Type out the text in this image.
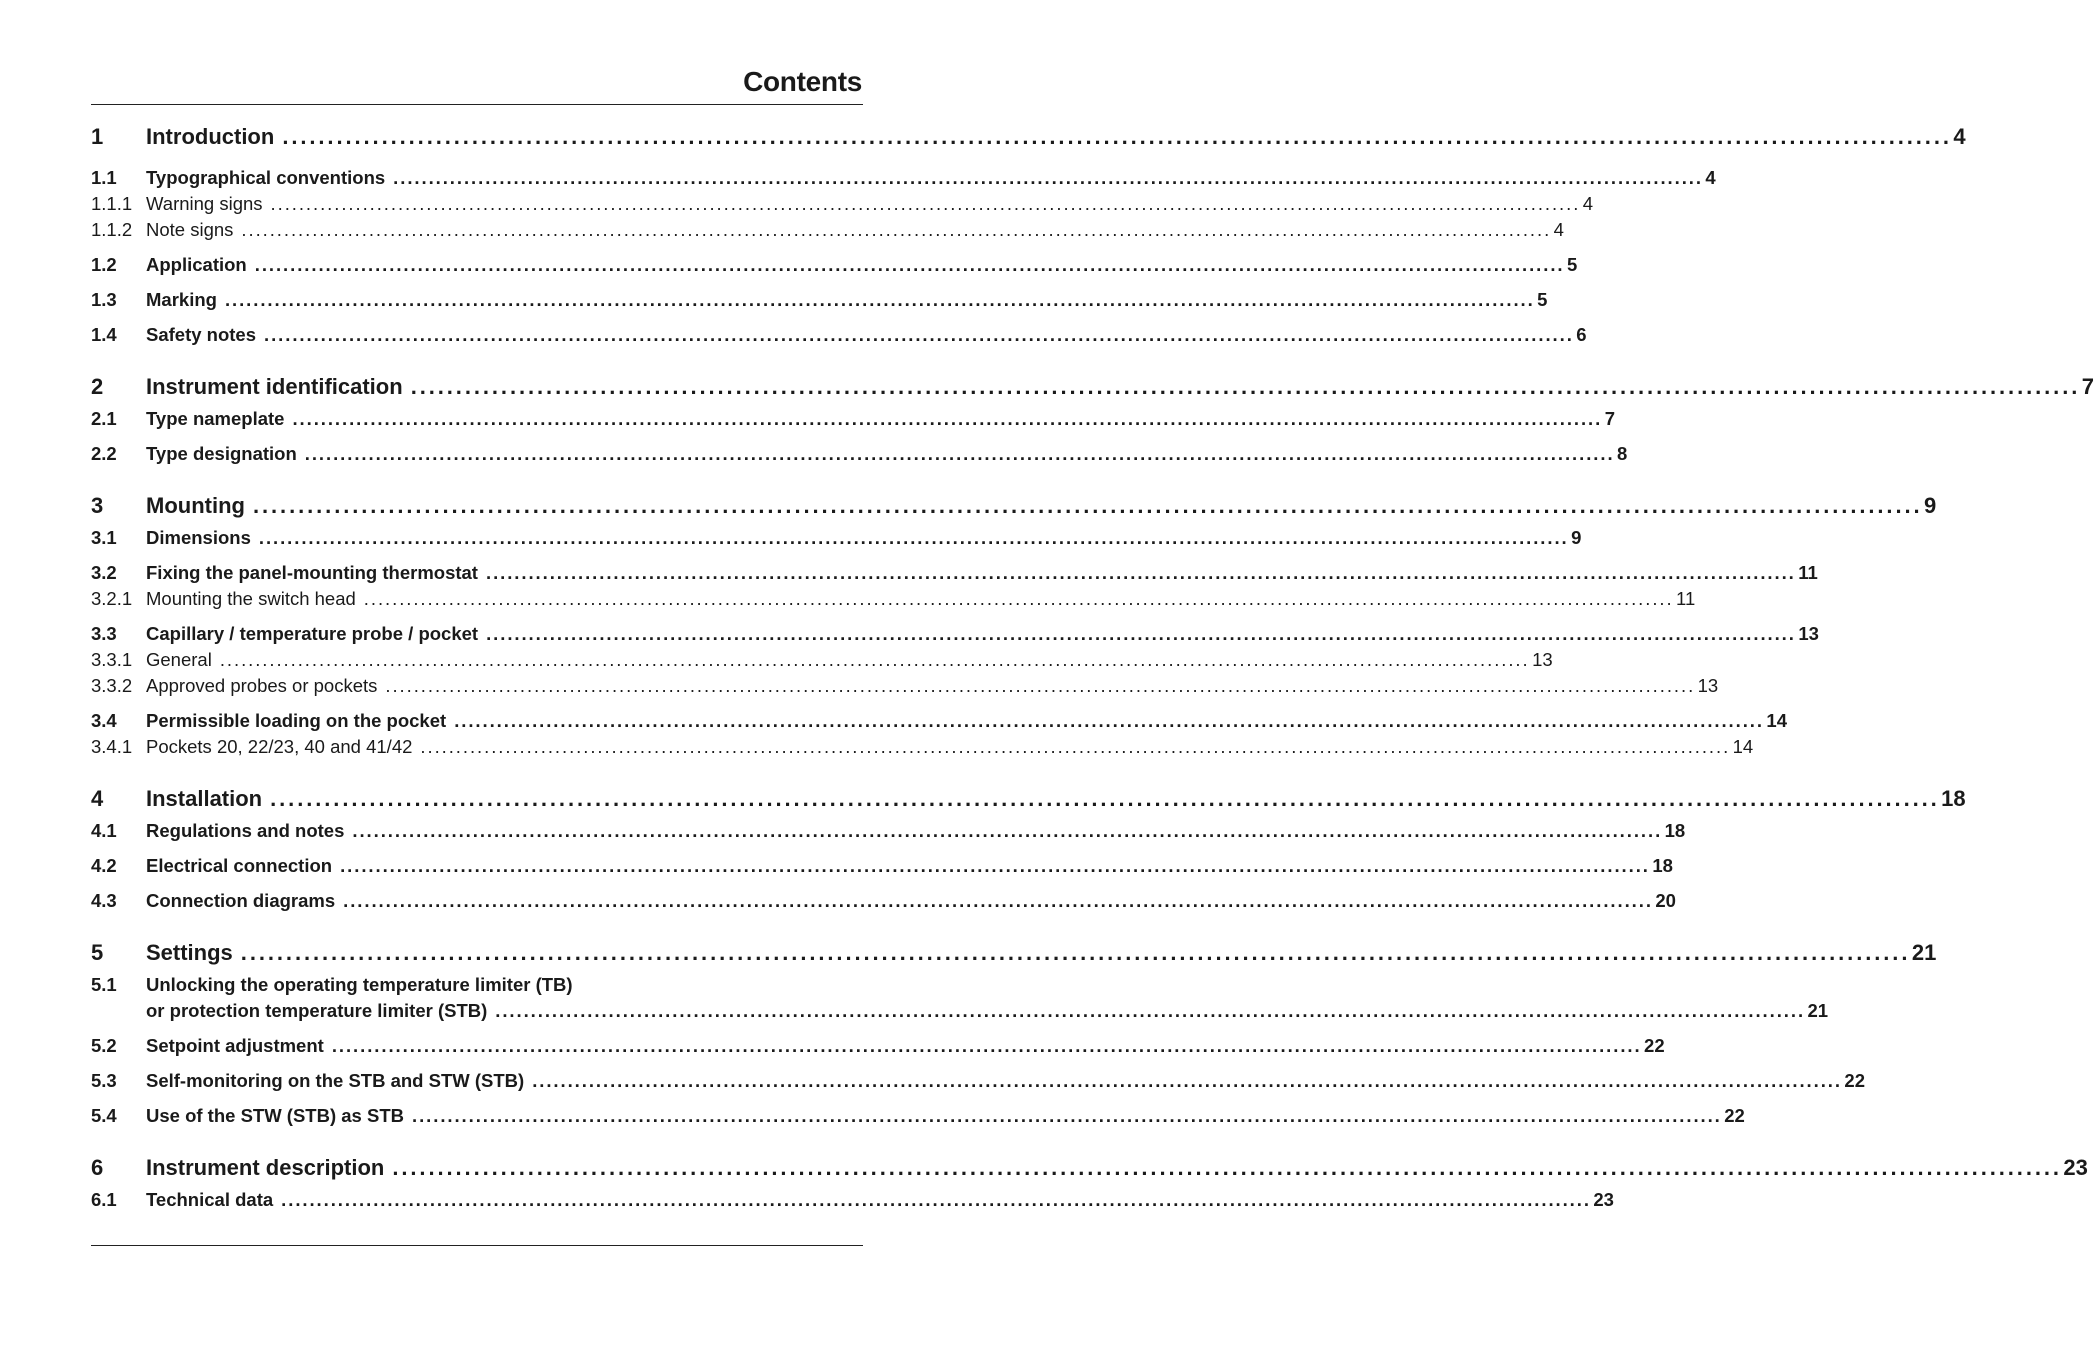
Contents
1	Introduction . . .	4
1.1	Typographical conventions . . .	4
1.1.1 Warning signs . . .	4
1.1.2 Note signs . . .	4
1.2	Application . . .	5
1.3	Marking . . .	5
1.4	Safety notes . . .	6
2	Instrument identification . . .	7
2.1	Type nameplate . . .	7
2.2	Type designation . . .	8
3	Mounting . . .	9
3.1	Dimensions . . .	9
3.2	Fixing the panel-mounting thermostat . . .	11
3.2.1 Mounting the switch head . . .	11
3.3	Capillary / temperature probe / pocket . . .	13
3.3.1 General . . .	13
3.3.2 Approved probes or pockets . . .	13
3.4	Permissible loading on the pocket . . .	14
3.4.1 Pockets 20, 22/23, 40 and 41/42 . . .	14
4	Installation . . .	18
4.1	Regulations and notes . . .	18
4.2	Electrical connection . . .	18
4.3	Connection diagrams . . .	20
5	Settings . . .	21
5.1	Unlocking the operating temperature limiter (TB)
or protection temperature limiter (STB) . . .	21
5.2	Setpoint adjustment . . .	22
5.3	Self-monitoring on the STB and STW (STB) . . .	22
5.4	Use of the STW (STB) as STB . . .	22
6	Instrument description . . .	23
6.1	Technical data . . .	23
